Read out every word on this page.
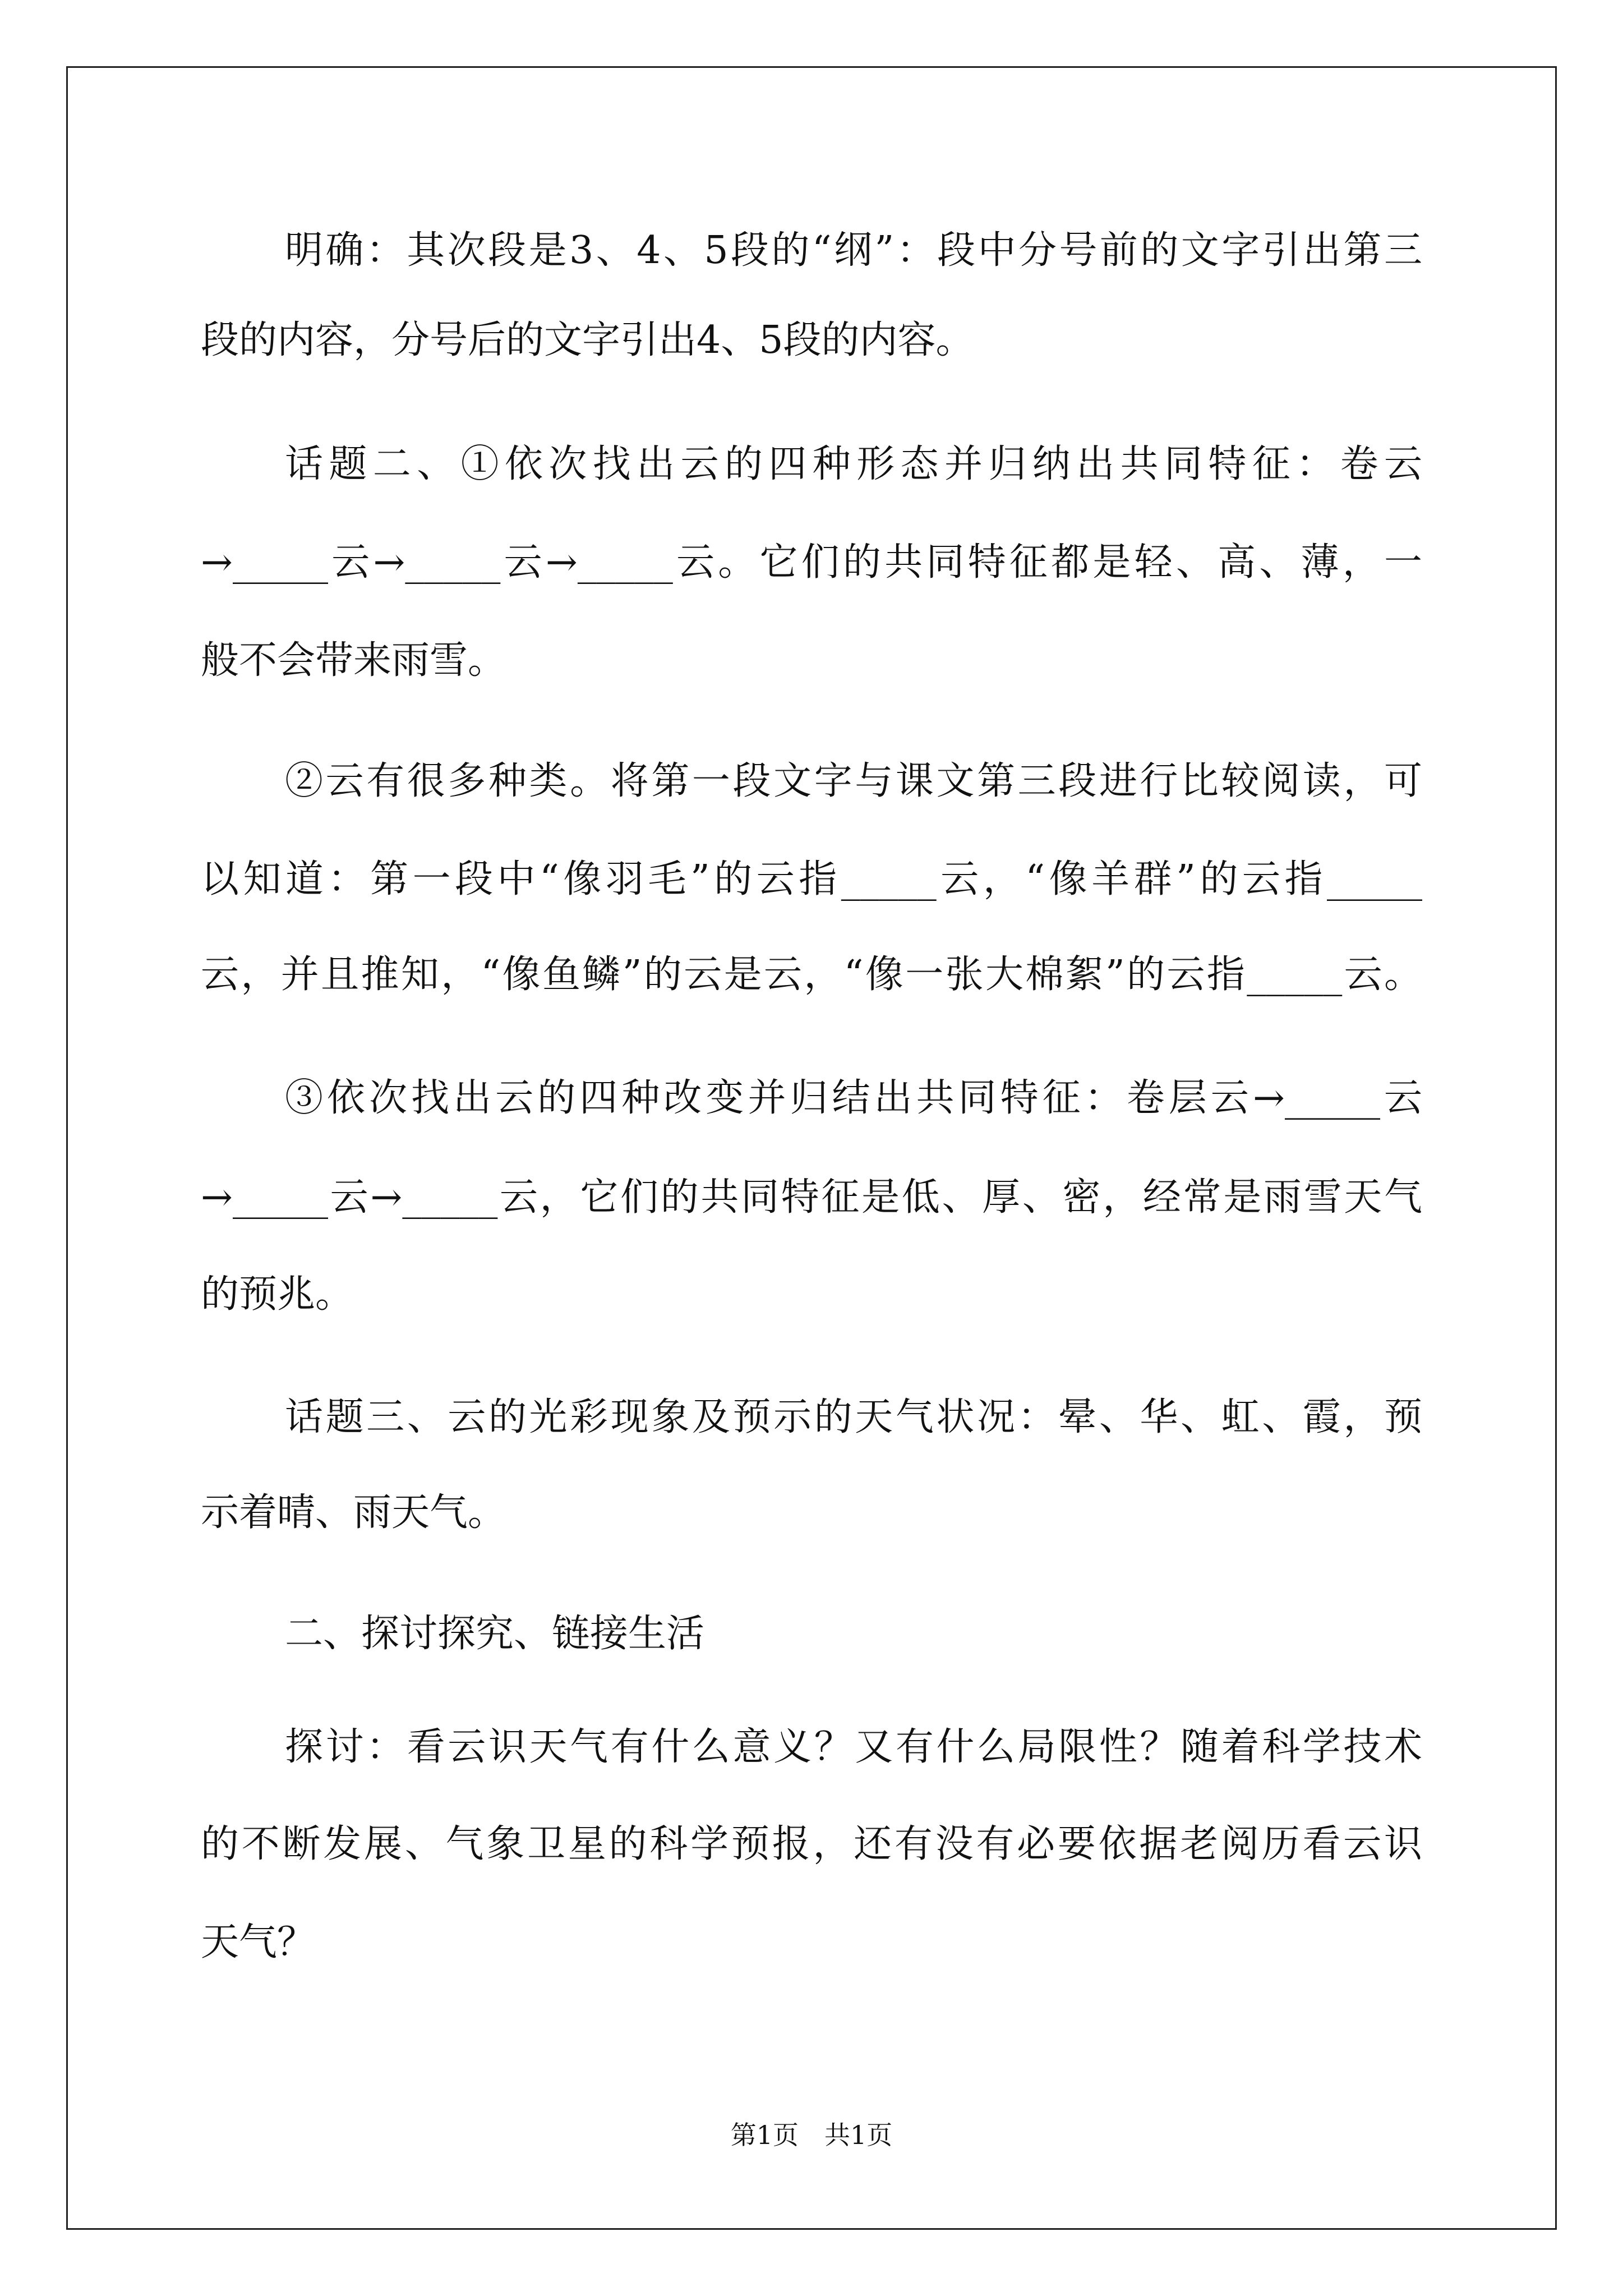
明确：其次段是3、4、5段的“纲”：段中分号前的文字引出第三
段的内容，分号后的文字引出4、5段的内容。
话题二、①依次找出云的四种形态并归纳出共同特征：卷云
→_____云→_____云→_____云。它们的共同特征都是轻、高、薄，一
般不会带来雨雪。
②云有很多种类。将第一段文字与课文第三段进行比较阅读，可
以知道：第一段中“像羽毛”的云指_____云，“像羊群”的云指_____
云，并且推知，“像鱼鳞”的云是云，“像一张大棉絮”的云指_____云。
③依次找出云的四种改变并归结出共同特征：卷层云→_____云
→_____云→_____云，它们的共同特征是低、厚、密，经常是雨雪天气
的预兆。
话题三、云的光彩现象及预示的天气状况：晕、华、虹、霞，预
示着晴、雨天气。
二、探讨探究、链接生活
探讨：看云识天气有什么意义？又有什么局限性？随着科学技术
的不断发展、气象卫星的科学预报，还有没有必要依据老阅历看云识
天气？
第1页　共1页
